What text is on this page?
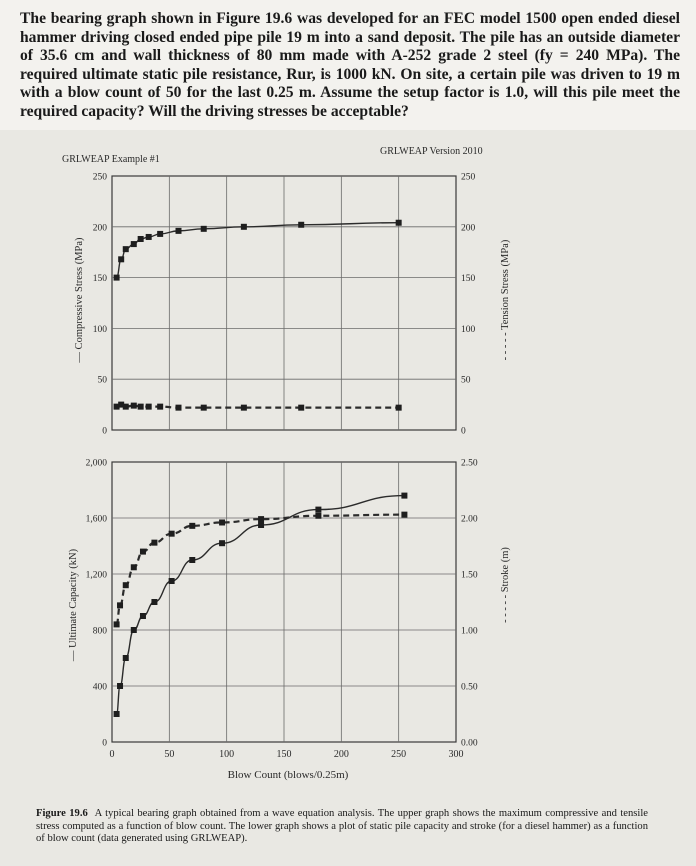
The bearing graph shown in Figure 19.6 was developed for an FEC model 1500 open ended diesel hammer driving closed ended pipe pile 19 m into a sand deposit. The pile has an outside diameter of 35.6 cm and wall thickness of 80 mm made with A-252 grade 2 steel (fy = 240 MPa). The required ultimate static pile resistance, Rur, is 1000 kN. On site, a certain pile was driven to 19 m with a blow count of 50 for the last 0.25 m. Assume the setup factor is 1.0, will this pile meet the required capacity? Will the driving stresses be acceptable?

GRLWEAP Example #1
GRLWEAP Version 2010
Blow Count (blows/0.25m)
— Compressive Stress (MPa)	- - - - - Tension Stress (MPa)
— Ultimate Capacity (kN)	- - - - - Stroke (m)
250
200
150
100
50
0
250
200
150
100
50
0
2,000
1,600
1,200
800
400
0
2.50
2.00
1.50
1.00
0.50
0.00
0	50	100	150	200	250	300

Figure 19.6 A typical bearing graph obtained from a wave equation analysis. The upper graph shows the maximum compressive and tensile stress computed as a function of blow count. The lower graph shows a plot of static pile capacity and stroke (for a diesel hammer) as a function of blow count (data generated using GRLWEAP).
